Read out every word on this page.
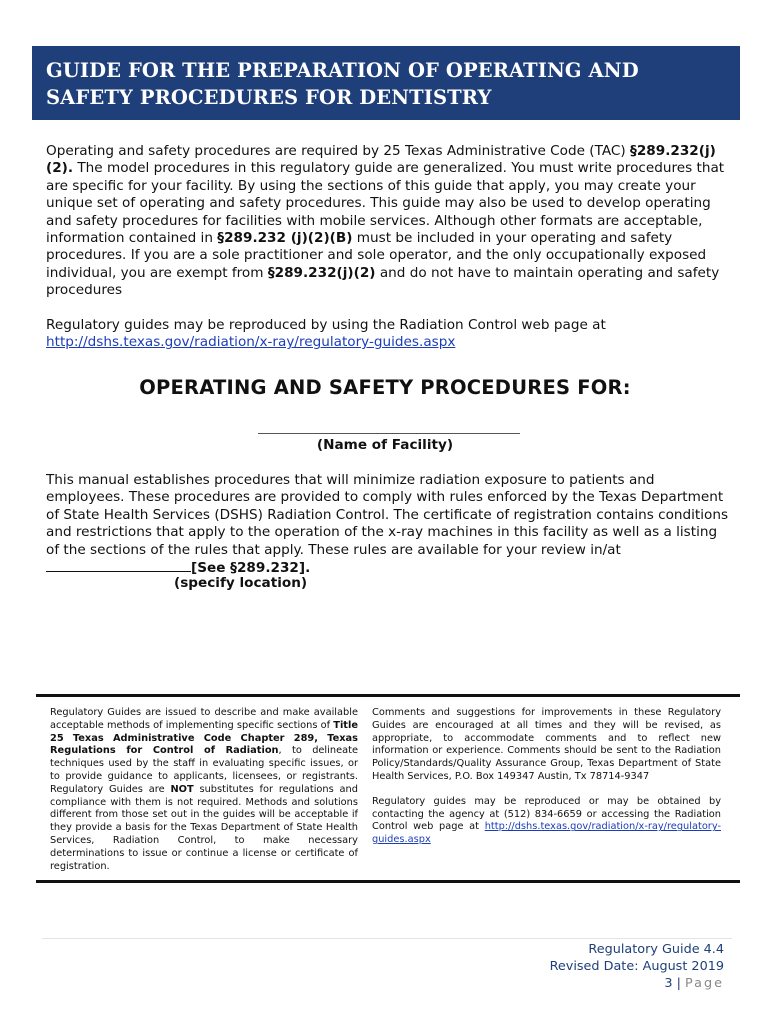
GUIDE FOR THE PREPARATION OF OPERATING AND
SAFETY PROCEDURES FOR DENTISTRY

Operating and safety procedures are required by 25 Texas Administrative Code (TAC) §289.232(j)(2). The model procedures in this regulatory guide are generalized. You must write procedures that are specific for your facility. By using the sections of this guide that apply, you may create your unique set of operating and safety procedures. This guide may also be used to develop operating and safety procedures for facilities with mobile services. Although other formats are acceptable, information contained in §289.232 (j)(2)(B) must be included in your operating and safety procedures. If you are a sole practitioner and sole operator, and the only occupationally exposed individual, you are exempt from §289.232(j)(2) and do not have to maintain operating and safety procedures

Regulatory guides may be reproduced by using the Radiation Control web page at
http://dshs.texas.gov/radiation/x-ray/regulatory-guides.aspx

OPERATING AND SAFETY PROCEDURES FOR:
(Name of Facility)

This manual establishes procedures that will minimize radiation exposure to patients and employees. These procedures are provided to comply with rules enforced by the Texas Department of State Health Services (DSHS) Radiation Control. The certificate of registration contains conditions and restrictions that apply to the operation of the x-ray machines in this facility as well as a listing of the sections of the rules that apply. These rules are available for your review in/at [See §289.232].

(specify location)

Regulatory Guides are issued to describe and make available acceptable methods of implementing specific sections of Title 25 Texas Administrative Code Chapter 289, Texas Regulations for Control of Radiation, to delineate techniques used by the staff in evaluating specific issues, or to provide guidance to applicants, licensees, or registrants. Regulatory Guides are NOT substitutes for regulations and compliance with them is not required. Methods and solutions different from those set out in the guides will be acceptable if they provide a basis for the Texas Department of State Health Services, Radiation Control, to make necessary determinations to issue or continue a license or certificate of registration.

Comments and suggestions for improvements in these Regulatory Guides are encouraged at all times and they will be revised, as appropriate, to accommodate comments and to reflect new information or experience. Comments should be sent to the Radiation Policy/Standards/Quality Assurance Group, Texas Department of State Health Services, P.O. Box 149347 Austin, Tx 78714-9347

Regulatory guides may be reproduced or may be obtained by contacting the agency at (512) 834-6659 or accessing the Radiation Control web page at http://dshs.texas.gov/radiation/x-ray/regulatory-guides.aspx

Regulatory Guide 4.4
Revised Date: August 2019
3 | Page
